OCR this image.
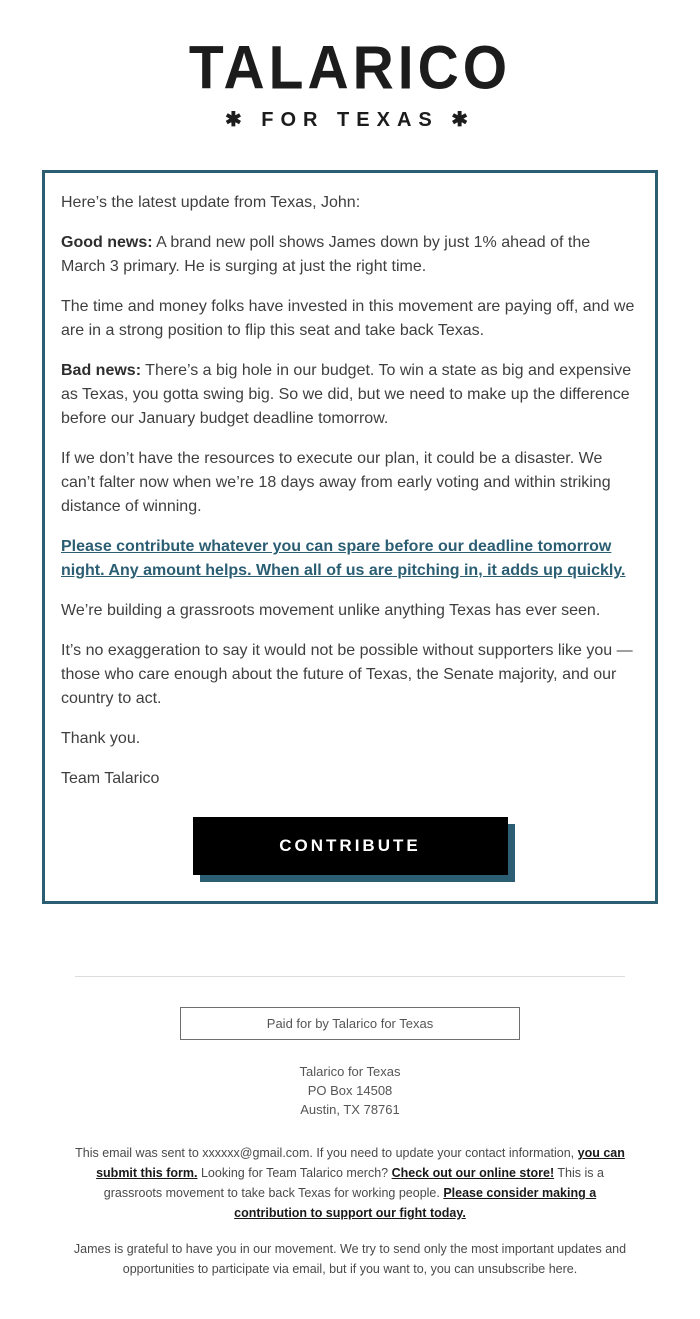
TALARICO
✱ FOR TEXAS ✱

Here’s the latest update from Texas, John:

Good news: A brand new poll shows James down by just 1% ahead of the March 3 primary. He is surging at just the right time.

The time and money folks have invested in this movement are paying off, and we are in a strong position to flip this seat and take back Texas.

Bad news: There’s a big hole in our budget. To win a state as big and expensive as Texas, you gotta swing big. So we did, but we need to make up the difference before our January budget deadline tomorrow.

If we don’t have the resources to execute our plan, it could be a disaster. We can’t falter now when we’re 18 days away from early voting and within striking distance of winning.

Please contribute whatever you can spare before our deadline tomorrow night. Any amount helps. When all of us are pitching in, it adds up quickly.

We’re building a grassroots movement unlike anything Texas has ever seen.

It’s no exaggeration to say it would not be possible without supporters like you — those who care enough about the future of Texas, the Senate majority, and our country to act.

Thank you.

Team Talarico

CONTRIBUTE
Paid for by Talarico for Texas
Talarico for Texas
PO Box 14508
Austin, TX 78761

This email was sent to xxxxxx@gmail.com. If you need to update your contact information, you can submit this form. Looking for Team Talarico merch? Check out our online store! This is a grassroots movement to take back Texas for working people. Please consider making a contribution to support our fight today.

James is grateful to have you in our movement. We try to send only the most important updates and opportunities to participate via email, but if you want to, you can unsubscribe here.
